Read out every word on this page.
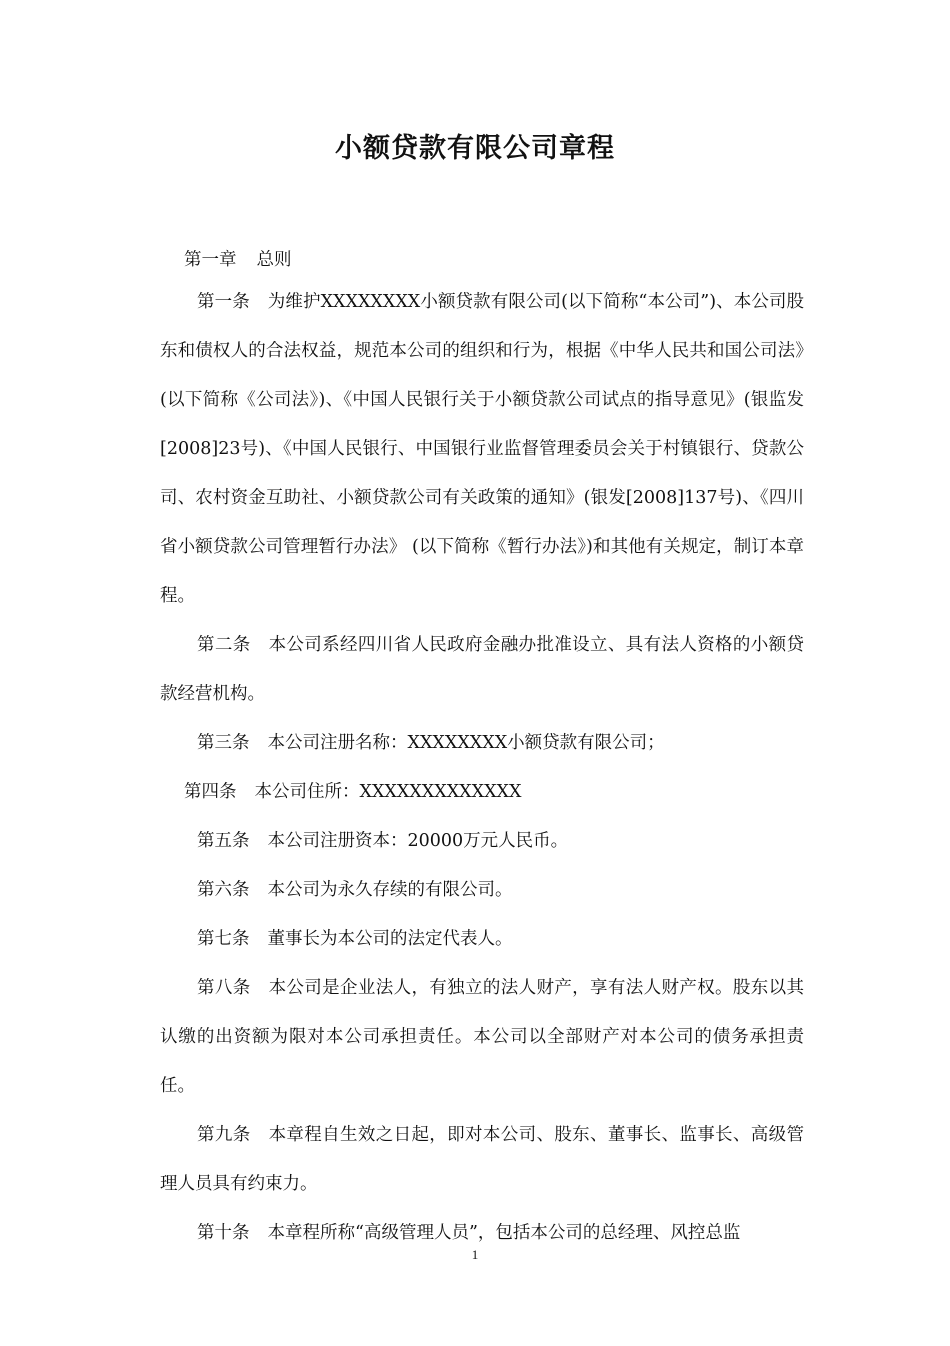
小额贷款有限公司章程
第一章 总则

第一条 为维护XXXXXXXX小额贷款有限公司(以下简称“本公司”)、本公司股东和债权人的合法权益，规范本公司的组织和行为，根据《中华人民共和国公司法》(以下简称《公司法》)、《中国人民银行关于小额贷款公司试点的指导意见》(银监发[2008]23号)、《中国人民银行、中国银行业监督管理委员会关于村镇银行、贷款公司、农村资金互助社、小额贷款公司有关政策的通知》(银发[2008]137号)、《四川省小额贷款公司管理暂行办法》 (以下简称《暂行办法》)和其他有关规定，制订本章程。

第二条 本公司系经四川省人民政府金融办批准设立、具有法人资格的小额贷款经营机构。

第三条 本公司注册名称：XXXXXXXX小额贷款有限公司；

第四条 本公司住所：XXXXXXXXXXXXX

第五条 本公司注册资本：20000万元人民币。

第六条 本公司为永久存续的有限公司。

第七条 董事长为本公司的法定代表人。

第八条 本公司是企业法人，有独立的法人财产，享有法人财产权。股东以其认缴的出资额为限对本公司承担责任。本公司以全部财产对本公司的债务承担责任。

第九条 本章程自生效之日起，即对本公司、股东、董事长、监事长、高级管理人员具有约束力。

第十条 本章程所称“高级管理人员”，包括本公司的总经理、风控总监

1
